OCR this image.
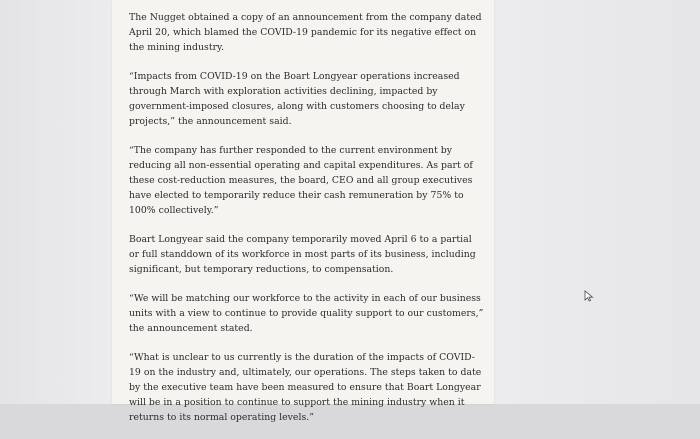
The Nugget obtained a copy of an announcement from the company dated April 20, which blamed the COVID-19 pandemic for its negative effect on the mining industry.

“Impacts from COVID-19 on the Boart Longyear operations increased through March with exploration activities declining, impacted by government-imposed closures, along with customers choosing to delay projects,” the announcement said.

“The company has further responded to the current environment by reducing all non-essential operating and capital expenditures. As part of these cost-reduction measures, the board, CEO and all group executives have elected to temporarily reduce their cash remuneration by 75% to 100% collectively.”

Boart Longyear said the company temporarily moved April 6 to a partial or full standdown of its workforce in most parts of its business, including significant, but temporary reductions, to compensation.

“We will be matching our workforce to the activity in each of our business units with a view to continue to provide quality support to our customers,” the announcement stated.

“What is unclear to us currently is the duration of the impacts of COVID-19 on the industry and, ultimately, our operations. The steps taken to date by the executive team have been measured to ensure that Boart Longyear will be in a position to continue to support the mining industry when it returns to its normal operating levels.”
